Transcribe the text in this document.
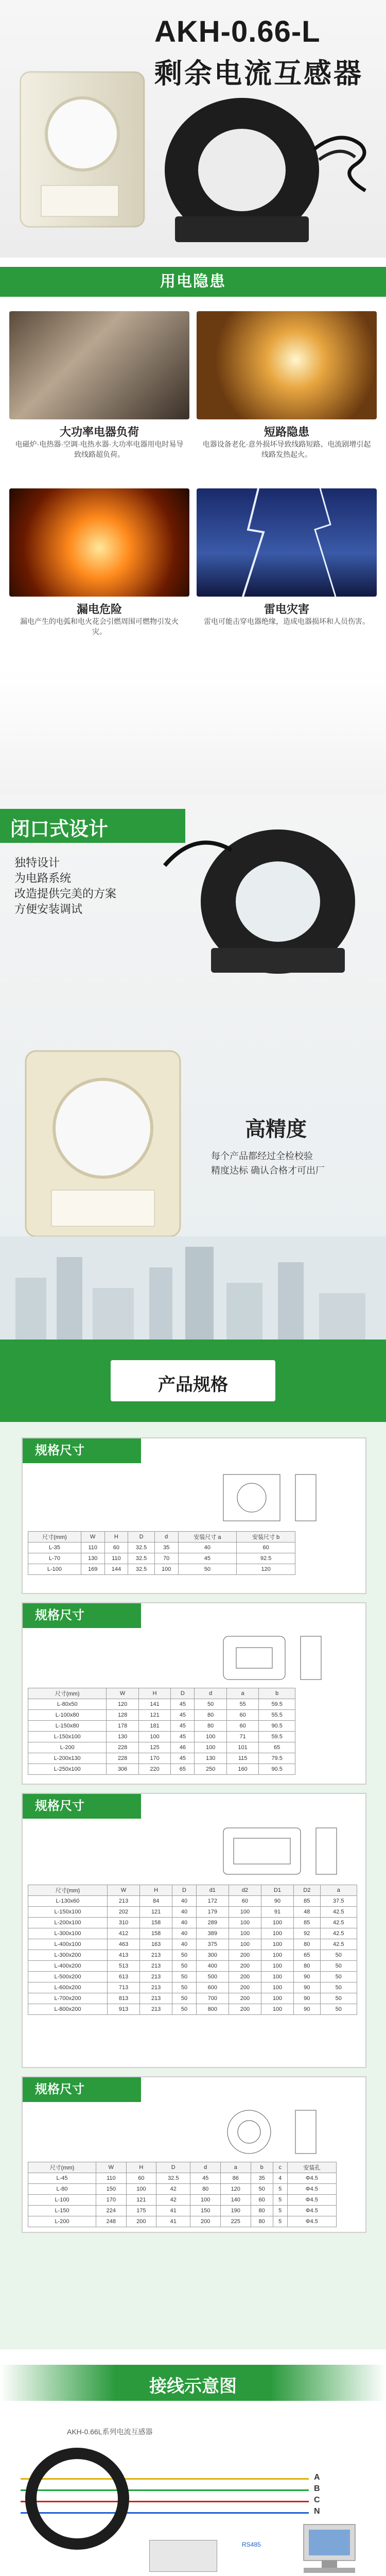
AKH-0.66-L
剩余电流互感器
用电隐患
大功率电器负荷
电磁炉·电热器·空调·电热水器·大功率电器用电时易导致线路超负荷。
短路隐患
电器设备老化·意外损坏导致线路短路、电流剧增引起线路发热起火。
漏电危险
漏电产生的电弧和电火花会引燃周围可燃物引发火灾。
雷电灾害
雷电可能击穿电器绝缘，造成电器损坏和人员伤害。
闭口式设计
独特设计
为电路系统
改造提供完美的方案
方便安装调试
高精度
每个产品都经过全检校验
精度达标 确认合格才可出厂
产品规格
规格尺寸
尺寸(mm)	W	H	D	d	安装尺寸 a	安装尺寸 b
L-35	110	60	32.5	35	40	60
L-70	130	110	32.5	70	45	92.5
L-100	169	144	32.5	100	50	120
规格尺寸
尺寸(mm)	W	H	D	d	a	b
L-80x50	120	141	45	50	55	59.5
L-100x80	128	121	45	80	60	55.5
L-150x80	178	181	45	80	60	90.5
L-150x100	130	100	45	100	71	59.5
L-200	228	125	46	100	101	65
L-200x130	228	170	45	130	115	79.5
L-250x100	306	220	65	250	160	90.5
规格尺寸
尺寸(mm)	W	H	D	d1	d2	D1	D2	a
L-130x60	213	84	40	172	60	90	85	37.5
L-150x100	202	121	40	179	100	91	48	42.5
L-200x100	310	158	40	289	100	100	85	42.5
L-300x100	412	158	40	389	100	100	92	42.5
L-400x100	463	163	40	375	100	100	80	42.5
L-300x200	413	213	50	300	200	100	65	50
L-400x200	513	213	50	400	200	100	80	50
L-500x200	613	213	50	500	200	100	90	50
L-600x200	713	213	50	600	200	100	90	50
L-700x200	813	213	50	700	200	100	90	50
L-800x200	913	213	50	800	200	100	90	50
规格尺寸
尺寸(mm)	W	H	D	d	a	b	c	安装孔
L-45	110	60	32.5	45	86	35	4	Φ4.5
L-80	150	100	42	80	120	50	5	Φ4.5
L-100	170	121	42	100	140	60	5	Φ4.5
L-150	224	175	41	150	190	80	5	Φ4.5
L-200	248	200	41	200	225	80	5	Φ4.5
接线示意图
AKH-0.66L系列电流互感器
A
B
C
N
RS485
